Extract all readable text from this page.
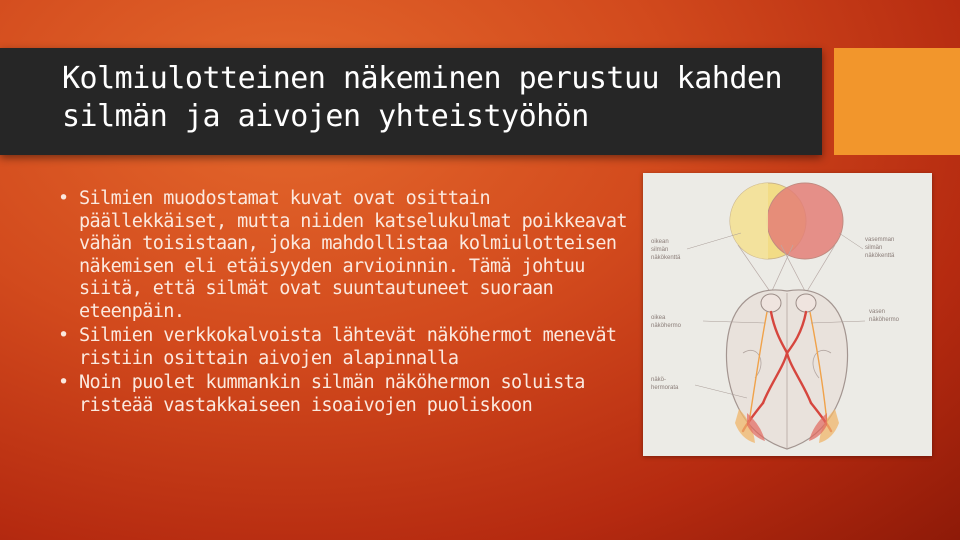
Kolmiulotteinen näkeminen perustuu kahden
silmän ja aivojen yhteistyöhön
• Silmien muodostamat kuvat ovat osittain päällekkäiset, mutta niiden katselukulmat poikkeavat vähän toisistaan, joka mahdollistaa kolmiulotteisen näkemisen eli etäisyyden arvioinnin. Tämä johtuu siitä, että silmät ovat suuntautuneet suoraan eteenpäin.
• Silmien verkkokalvoista lähtevät näköhermot menevät ristiin osittain aivojen alapinnalla
• Noin puolet kummankin silmän näköhermon soluista risteää vastakkaiseen isoaivojen puoliskoon
oikean
silmän
näkökenttä
oikea
näköhermo
näkö-
hermorata
vasemman
silmän
näkökenttä
vasen
näköhermo
